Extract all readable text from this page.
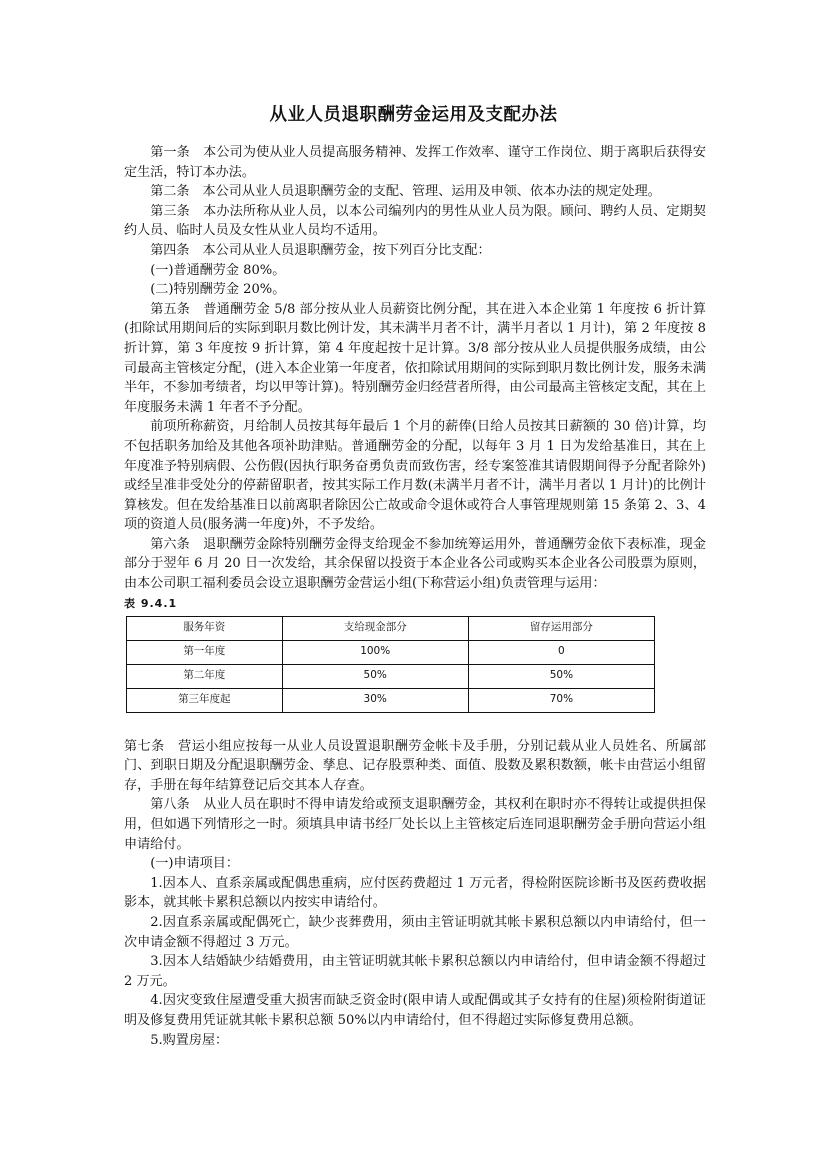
从业人员退职酬劳金运用及支配办法

第一条　本公司为使从业人员提高服务精神、发挥工作效率、谨守工作岗位、期于离职后获得安定生活，特订本办法。

第二条　本公司从业人员退职酬劳金的支配、管理、运用及申领、依本办法的规定处理。

第三条　本办法所称从业人员，以本公司编列内的男性从业人员为限。顾问、聘约人员、定期契约人员、临时人员及女性从业人员均不适用。

第四条　本公司从业人员退职酬劳金，按下列百分比支配：

(一)普通酬劳金 80%。

(二)特别酬劳金 20%。

第五条　普通酬劳金 5/8 部分按从业人员薪资比例分配，其在进入本企业第 1 年度按 6 折计算(扣除试用期间后的实际到职月数比例计发，其未满半月者不计，满半月者以 1 月计)，第 2 年度按 8 折计算，第 3 年度按 9 折计算，第 4 年度起按十足计算。3/8 部分按从业人员提供服务成绩，由公司最高主管核定分配，(进入本企业第一年度者，依扣除试用期间的实际到职月数比例计发，服务未满半年，不参加考绩者，均以甲等计算)。特别酬劳金归经营者所得，由公司最高主管核定支配，其在上年度服务未满 1 年者不予分配。

前项所称薪资，月给制人员按其每年最后 1 个月的薪俸(日给人员按其日薪额的 30 倍)计算，均不包括职务加给及其他各项补助津贴。普通酬劳金的分配，以每年 3 月 1 日为发给基准日，其在上年度准予特别病假、公伤假(因执行职务奋勇负责而致伤害，经专案签准其请假期间得予分配者除外)或经呈准非受处分的停薪留职者，按其实际工作月数(未满半月者不计，满半月者以 1 月计)的比例计算核发。但在发给基准日以前离职者除因公亡故或命令退休或符合人事管理规则第 15 条第 2、3、4 项的资道人员(服务满一年度)外，不予发给。

第六条　退职酬劳金除特别酬劳金得支给现金不参加统筹运用外，普通酬劳金依下表标准，现金部分于翌年 6 月 20 日一次发给，其余保留以投资于本企业各公司或购买本企业各公司股票为原则，由本公司职工福利委员会设立退职酬劳金营运小组(下称营运小组)负责管理与运用：

表 9.4.1

服务年资	支给现金部分	留存运用部分
第一年度	100%	0
第二年度	50%	50%
第三年度起	30%	70%

第七条　营运小组应按每一从业人员设置退职酬劳金帐卡及手册，分别记载从业人员姓名、所属部门、到职日期及分配退职酬劳金、孳息、记存股票种类、面值、股数及累积数额，帐卡由营运小组留存，手册在每年结算登记后交其本人存查。

第八条　从业人员在职时不得申请发给或预支退职酬劳金，其权利在职时亦不得转让或提供担保用，但如遇下列情形之一时。须填具申请书经厂处长以上主管核定后连同退职酬劳金手册向营运小组申请给付。

(一)申请项目：

1.因本人、直系亲属或配偶患重病，应付医药费超过 1 万元者，得检附医院诊断书及医药费收据影本，就其帐卡累积总额以内按实申请给付。

2.因直系亲属或配偶死亡，缺少丧葬费用，须由主管证明就其帐卡累积总额以内申请给付，但一次申请金额不得超过 3 万元。

3.因本人结婚缺少结婚费用，由主管证明就其帐卡累积总额以内申请给付，但申请金额不得超过 2 万元。

4.因灾变致住屋遭受重大损害而缺乏资金时(限申请人或配偶或其子女持有的住屋)须检附街道证明及修复费用凭证就其帐卡累积总额 50%以内申请给付，但不得超过实际修复费用总额。

5.购置房屋：
